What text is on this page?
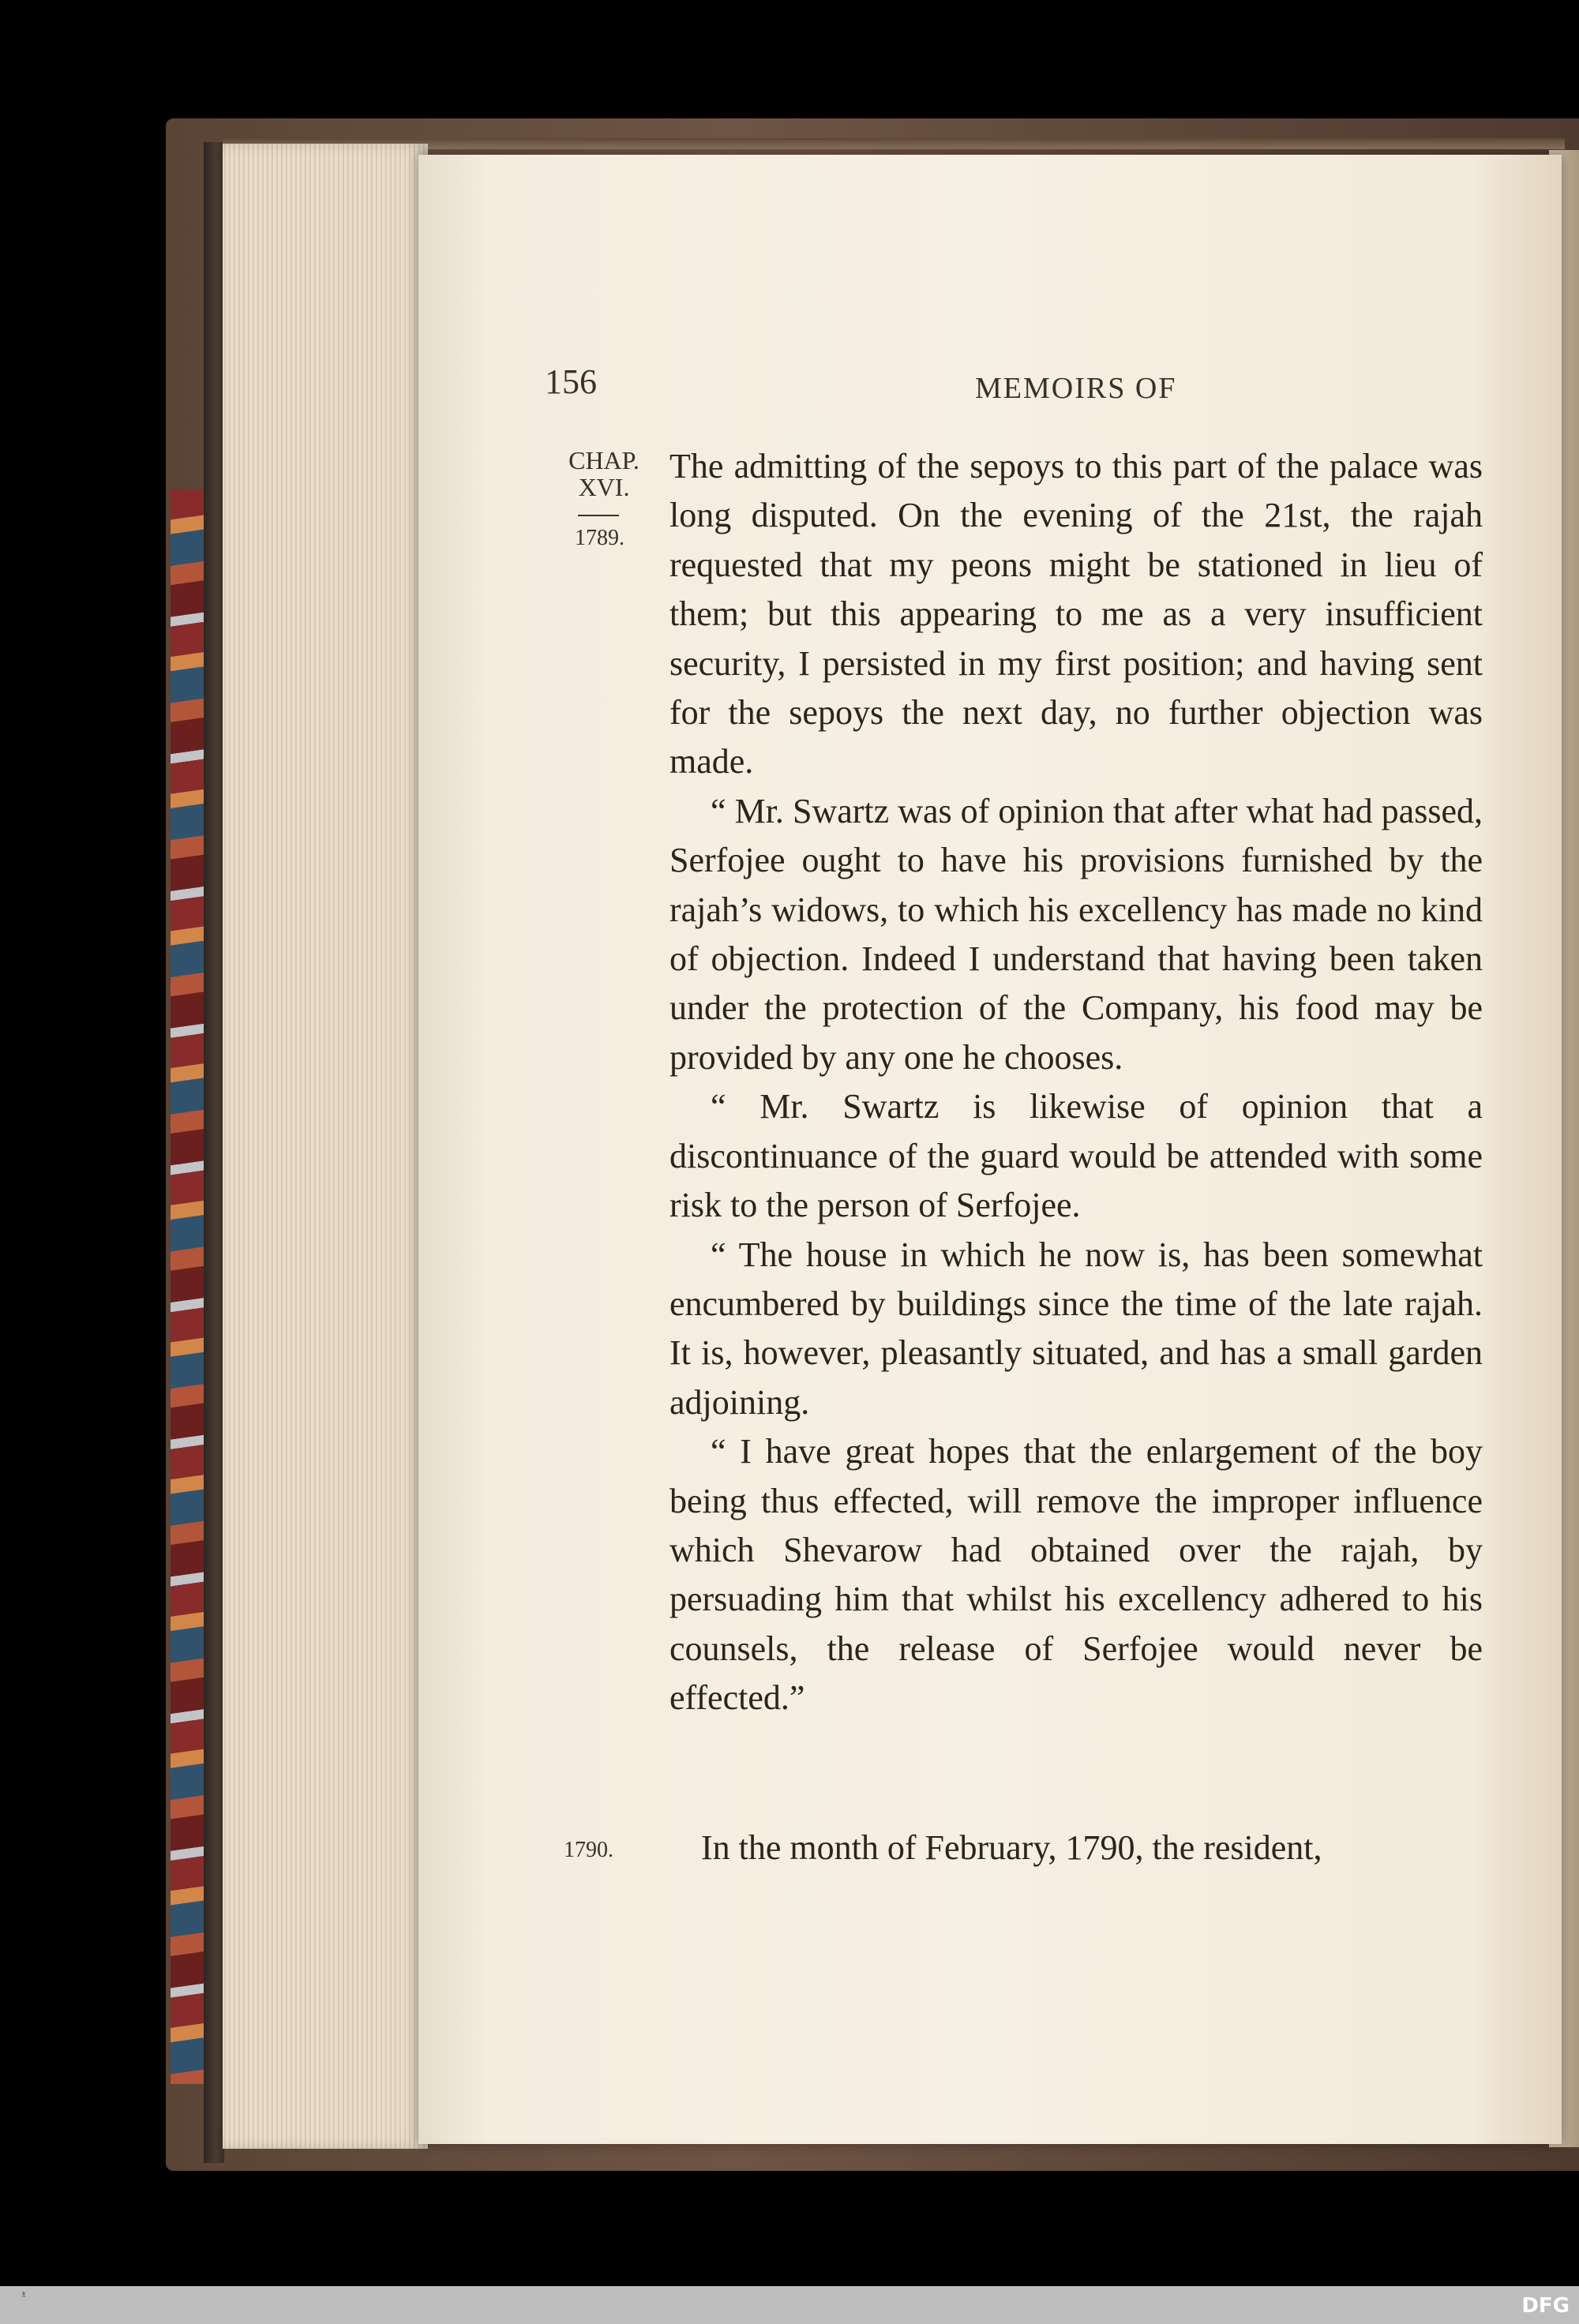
156	MEMOIRS OF
CHAP.
XVI.
1789.

The admitting of the sepoys to this part of the palace was long disputed. On the evening of the 21st, the rajah requested that my peons might be stationed in lieu of them; but this appearing to me as a very insufficient security, I persisted in my first position; and having sent for the sepoys the next day, no further objection was made.

“ Mr. Swartz was of opinion that after what had passed, Serfojee ought to have his provisions furnished by the rajah’s widows, to which his excellency has made no kind of objection. Indeed I understand that having been taken under the protection of the Company, his food may be provided by any one he chooses.

“ Mr. Swartz is likewise of opinion that a discontinuance of the guard would be attended with some risk to the person of Serfojee.

“ The house in which he now is, has been somewhat encumbered by buildings since the time of the late rajah. It is, however, pleasantly situated, and has a small garden adjoining.

“ I have great hopes that the enlargement of the boy being thus effected, will remove the improper influence which Shevarow had obtained over the rajah, by persuading him that whilst his excellency adhered to his counsels, the release of Serfojee would never be effected.”

1790.	In the month of February, 1790, the resident,
♗	DFG
